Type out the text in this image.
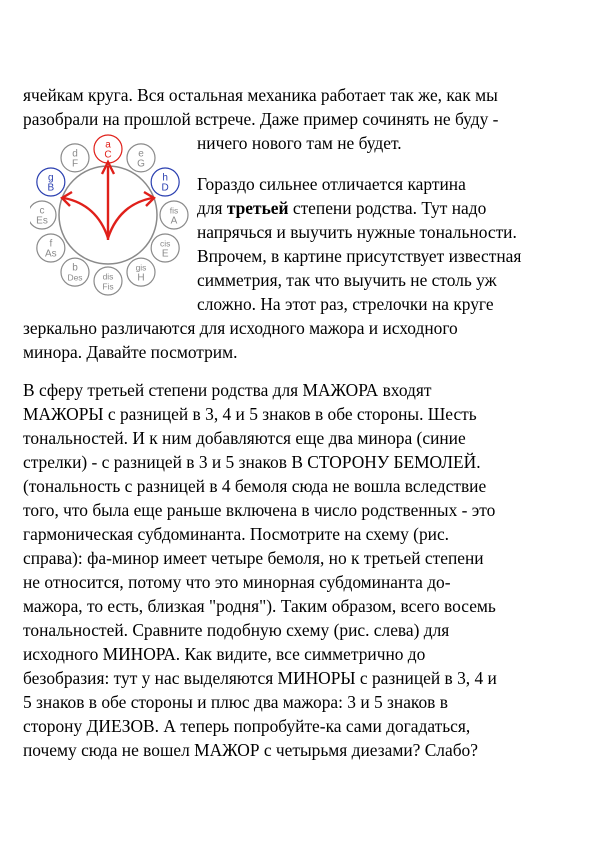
ячейкам круга. Вся остальная механика работает так же, как мы
разобрали на прошлой встрече. Даже пример сочинять не буду -
ничего нового там не будет.
a
C	e
G
h
D
fis
A
cis
E
gis
H
dis
Fis
b
Des
f
As
c
Es
g
B
d
F
Гораздо сильнее отличается картина
для третьей степени родства. Тут надо
напрячься и выучить нужные тональности.
Впрочем, в картине присутствует известная
симметрия, так что выучить не столь уж
сложно. На этот раз, стрелочки на круге
зеркально различаются для исходного мажора и исходного
минора. Давайте посмотрим.
В сферу третьей степени родства для МАЖОРА входят
МАЖОРЫ с разницей в 3, 4 и 5 знаков в обе стороны. Шесть
тональностей. И к ним добавляются еще два минора (синие
стрелки) - с разницей в 3 и 5 знаков В СТОРОНУ БЕМОЛЕЙ.
(тональность с разницей в 4 бемоля сюда не вошла вследствие
того, что была еще раньше включена в число родственных - это
гармоническая субдоминанта. Посмотрите на схему (рис.
справа): фа-минор имеет четыре бемоля, но к третьей степени
не относится, потому что это минорная субдоминанта до-
мажора, то есть, близкая "родня"). Таким образом, всего восемь
тональностей. Сравните подобную схему (рис. слева) для
исходного МИНОРА. Как видите, все симметрично до
безобразия: тут у нас выделяются МИНОРЫ с разницей в 3, 4 и
5 знаков в обе стороны и плюс два мажора: 3 и 5 знаков в
сторону ДИЕЗОВ. А теперь попробуйте-ка сами догадаться,
почему сюда не вошел МАЖОР с четырьмя диезами? Слабо?
